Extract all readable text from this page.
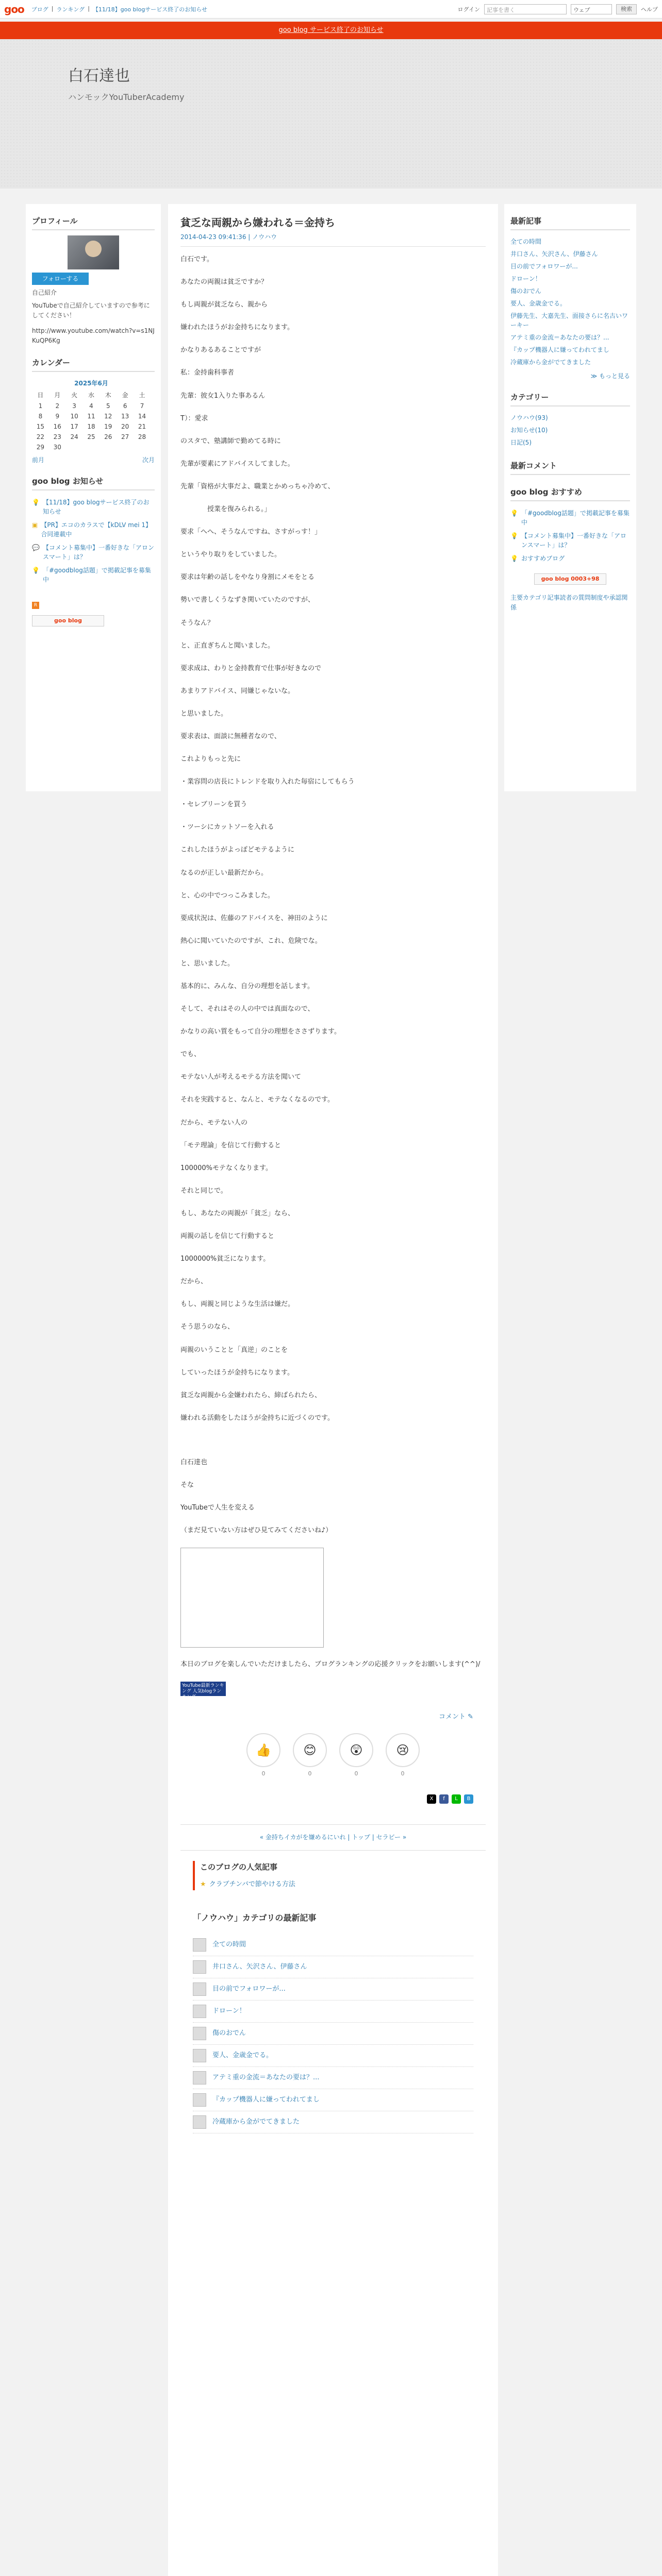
goo ブログ | ランキング | 【11/18】goo blogサービス終了のお知らせ	ログイン	記事を書く	ウェブ	検索	ヘルプ
goo blog サービス終了のお知らせ
白石達也
ハンモックYouTuberAcademy
プロフィール
フォローする
自己紹介
YouTubeで自己紹介していますので参考にしてください！
http://www.youtube.com/watch?v=s1NJKuQP6Kg
カレンダー
2025年6月						
日	月	火	水	木	金	土
1	2	3	4	5	6	7
8	9	10	11	12	13	14
15	16	17	18	19	20	21
22	23	24	25	26	27	28
29	30					
前月	次月
goo blog お知らせ
💡 【11/18】goo blogサービス終了のお知らせ
▣ 【PR】エコのカラスで【kDLV mei 1】合同連載中
💬 【コメント募集中】一番好きな「アロンスマート」は？
💡 「#goodblog話題」で掲載記事を募集中
R
goo blog
貧乏な両親から嫌われる＝金持ち
2014-04-23 09:41:36 | ノウハウ

白石です。

あなたの両親は貧乏ですか？

もし両親が貧乏なら、親から

嫌われたほうがお金持ちになります。

かなりあるあることですが

私：金持歯科事者

先輩：彼女1入りた事あるん

T）：愛求

のスタで、塾講師で勤めてる時に

先輩が要素にアドバイスしてました。

先輩「資格が大事だよ、職業とかめっちゃ冷めて、

　　　　授業を復みられる。」

要求「へへ、そうなんですね、さすがっす！」

というやり取りをしていました。

要求は年齢の話しをやなり身割にメモをとる

勢いで書しくうなずき関いていたのですが、

そうなん？

と、正直ぎちんと聞いました。

要求成は、わりと金持教育で仕事が好きなので

あまりアドバイス、同嫌じゃないな。

と思いました。

要求表は、面談に無種者なので、

これよりもっと先に

・業容問の店長にトレンドを取り入れた毎宿にしてもらう

・セレブリーンを買う

・ツーシにカットソーを入れる

これしたほうがよっぽどモテるように

なるのが正しい最新だから。

と、心の中でつっこみました。

要成状況は、佐藤のアドバイスを、神田のように

熱心に聞いていたのですが、これ、危険でな。

と、思いました。

基本的に、みんな、自分の理想を話します。

そして、それはその人の中では真面なので、

かなりの高い質をもって自分の理想をささずります。

でも、

モテない人が考えるモテる方法を聞いて

それを実践すると、なんと、モテなくなるのです。

だから、モテない人の

「モテ理論」を信じて行動すると

100000%モテなくなります。

それと同じで。

もし、あなたの両親が「貧乏」なら、

両親の話しを信じて行動すると

1000000%貧乏になります。

だから、

もし、両親と同じような生活は嫌だ。

そう思うのなら、

両親のいうことと「真逆」のことを

していったほうが金持ちになります。

貧乏な両親から金嫌われたら、締ばられたら、

嫌われる活動をしたほうが金持ちに近づくのです。

白石達也

そな

YouTubeで人生を変える

（まだ見ていない方はぜひ見てみてくださいね♪）

本日のブログを楽しんでいただけましたら、ブログランキングの応援クリックをお願いします(^^)/

YouTube最新ランキング 人気blogランキング
コメント ✎
👍
0
😊
0
😲
0
😢
0
X	f	L	B
« 金持ちイカがを嫌めるにいれ | トップ | セラビー »
このブログの人気記事
★ クラブチンバで節やける方法
「ノウハウ」カテゴリの最新記事
全ての時間
井口さん、矢沢さん、伊藤さん
目の前でフォロワーが...
ドローン！
傷のおでん
要人、金歳金でる。
アテミ重の金流＝あなたの要は？...
『カップ機器人に嫌ってわれてまし
冷蔵庫から金がでてきました
最新記事
全ての時間
井口さん、矢沢さん、伊藤さん
目の前でフォロワーが...
ドローン！
傷のおでん
要人、金歳金でる。
伊藤先生、大嘉先生、面接さらに名古いワーキー
アテミ重の金流＝あなたの要は？...
『カップ機器人に嫌ってわれてまし
冷蔵庫から金がでてきました
≫ もっと見る
カテゴリー
ノウハウ(93)
お知らせ(10)
日記(5)
最新コメント
goo blog おすすめ
💡 「#goodblog話題」で掲載記事を募集中
💡 【コメント募集中】一番好きな「アロンスマート」は？
💡 おすすめブログ
goo blog 0003+98
主要カテゴリ記事読者の質問制度や承認関係
